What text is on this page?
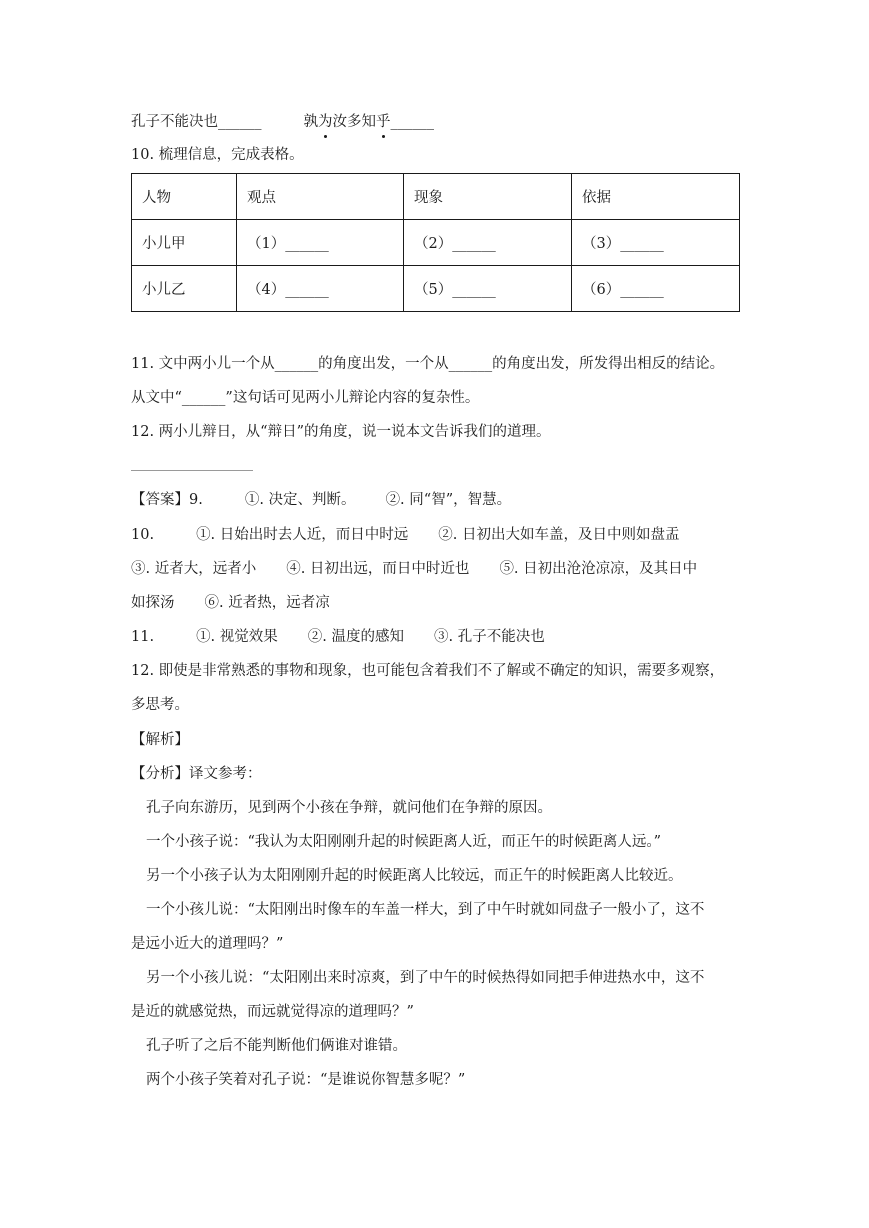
孔子不能决也______	孰为汝多知乎______
10. 梳理信息，完成表格。
人物	观点	现象	依据
小儿甲	（1）______	（2）______	（3）______
小儿乙	（4）______	（5）______	（6）______
11. 文中两小儿一个从______的角度出发，一个从______的角度出发，所发得出相反的结论。
从文中“______”这句话可见两小儿辩论内容的复杂性。
12. 两小儿辩日，从“辩日”的角度，说一说本文告诉我们的道理。
【答案】9.	①. 决定、判断。 ②. 同“智”，智慧。
10.	①. 日始出时去人近，而日中时远 ②. 日初出大如车盖，及日中则如盘盂
③. 近者大，远者小 ④. 日初出远，而日中时近也 ⑤. 日初出沧沧凉凉，及其日中
如探汤 ⑥. 近者热，远者凉
11.	①. 视觉效果 ②. 温度的感知 ③. 孔子不能决也
12. 即使是非常熟悉的事物和现象，也可能包含着我们不了解或不确定的知识，需要多观察，
多思考。
【解析】
【分析】译文参考：
孔子向东游历，见到两个小孩在争辩，就问他们在争辩的原因。
一个小孩子说：“我认为太阳刚刚升起的时候距离人近，而正午的时候距离人远。”
另一个小孩子认为太阳刚刚升起的时候距离人比较远，而正午的时候距离人比较近。
一个小孩儿说：“太阳刚出时像车的车盖一样大，到了中午时就如同盘子一般小了，这不
是远小近大的道理吗？”
另一个小孩儿说：“太阳刚出来时凉爽，到了中午的时候热得如同把手伸进热水中，这不
是近的就感觉热，而远就觉得凉的道理吗？”
孔子听了之后不能判断他们俩谁对谁错。
两个小孩子笑着对孔子说：“是谁说你智慧多呢？”
